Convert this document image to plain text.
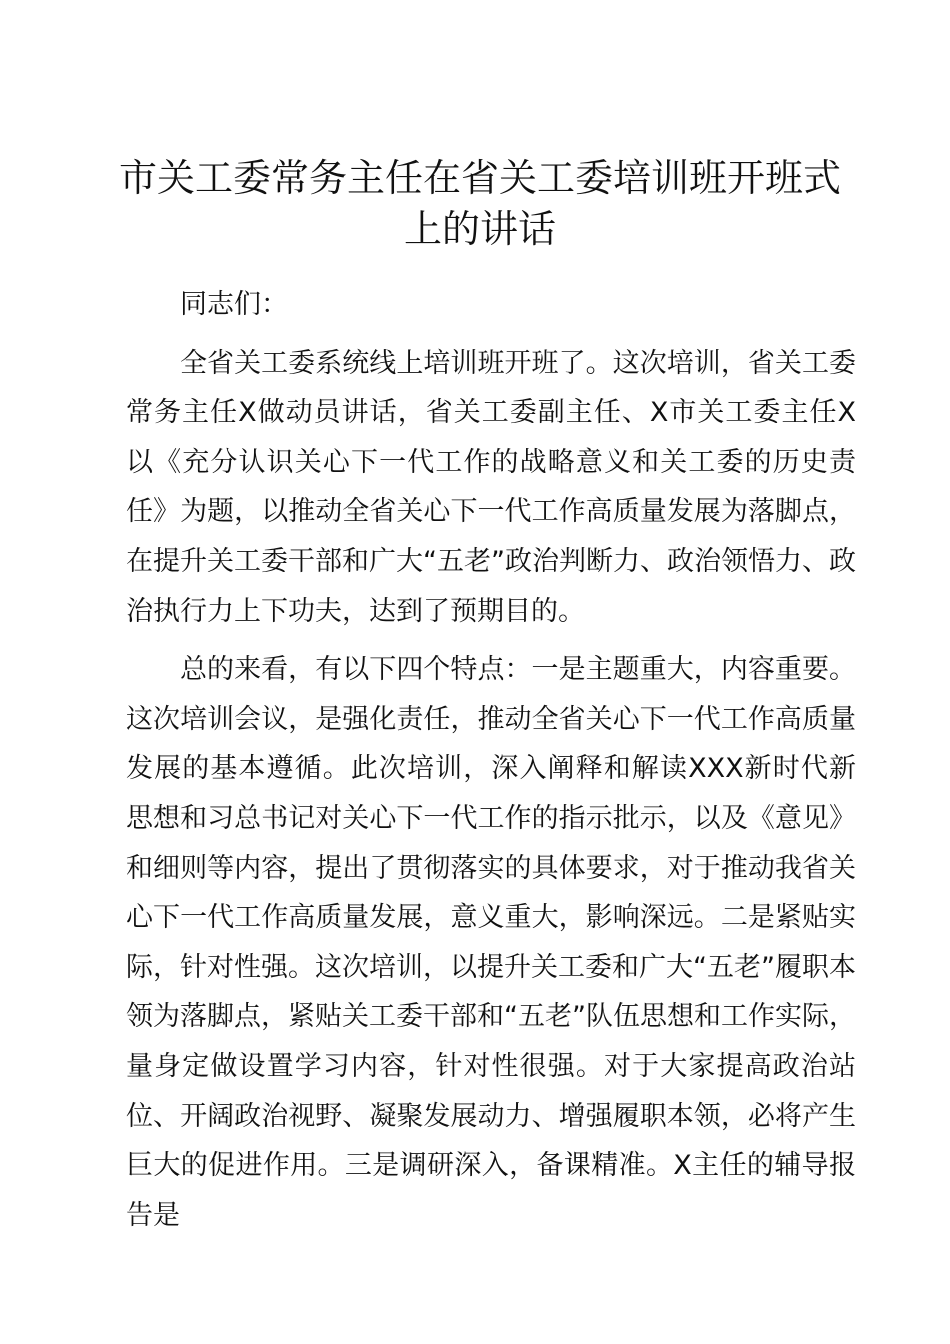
市关工委常务主任在省关工委培训班开班式上的讲话

同志们：

全省关工委系统线上培训班开班了。这次培训，省关工委常务主任X做动员讲话，省关工委副主任、X市关工委主任X以《充分认识关心下一代工作的战略意义和关工委的历史责任》为题，以推动全省关心下一代工作高质量发展为落脚点，在提升关工委干部和广大“五老”政治判断力、政治领悟力、政治执行力上下功夫，达到了预期目的。

总的来看，有以下四个特点：一是主题重大，内容重要。这次培训会议，是强化责任，推动全省关心下一代工作高质量发展的基本遵循。此次培训，深入阐释和解读XXX新时代新思想和习总书记对关心下一代工作的指示批示，以及《意见》和细则等内容，提出了贯彻落实的具体要求，对于推动我省关心下一代工作高质量发展，意义重大，影响深远。二是紧贴实际，针对性强。这次培训，以提升关工委和广大“五老”履职本领为落脚点，紧贴关工委干部和“五老”队伍思想和工作实际，量身定做设置学习内容，针对性很强。对于大家提高政治站位、开阔政治视野、凝聚发展动力、增强履职本领，必将产生巨大的促进作用。三是调研深入，备课精准。X主任的辅导报告是
